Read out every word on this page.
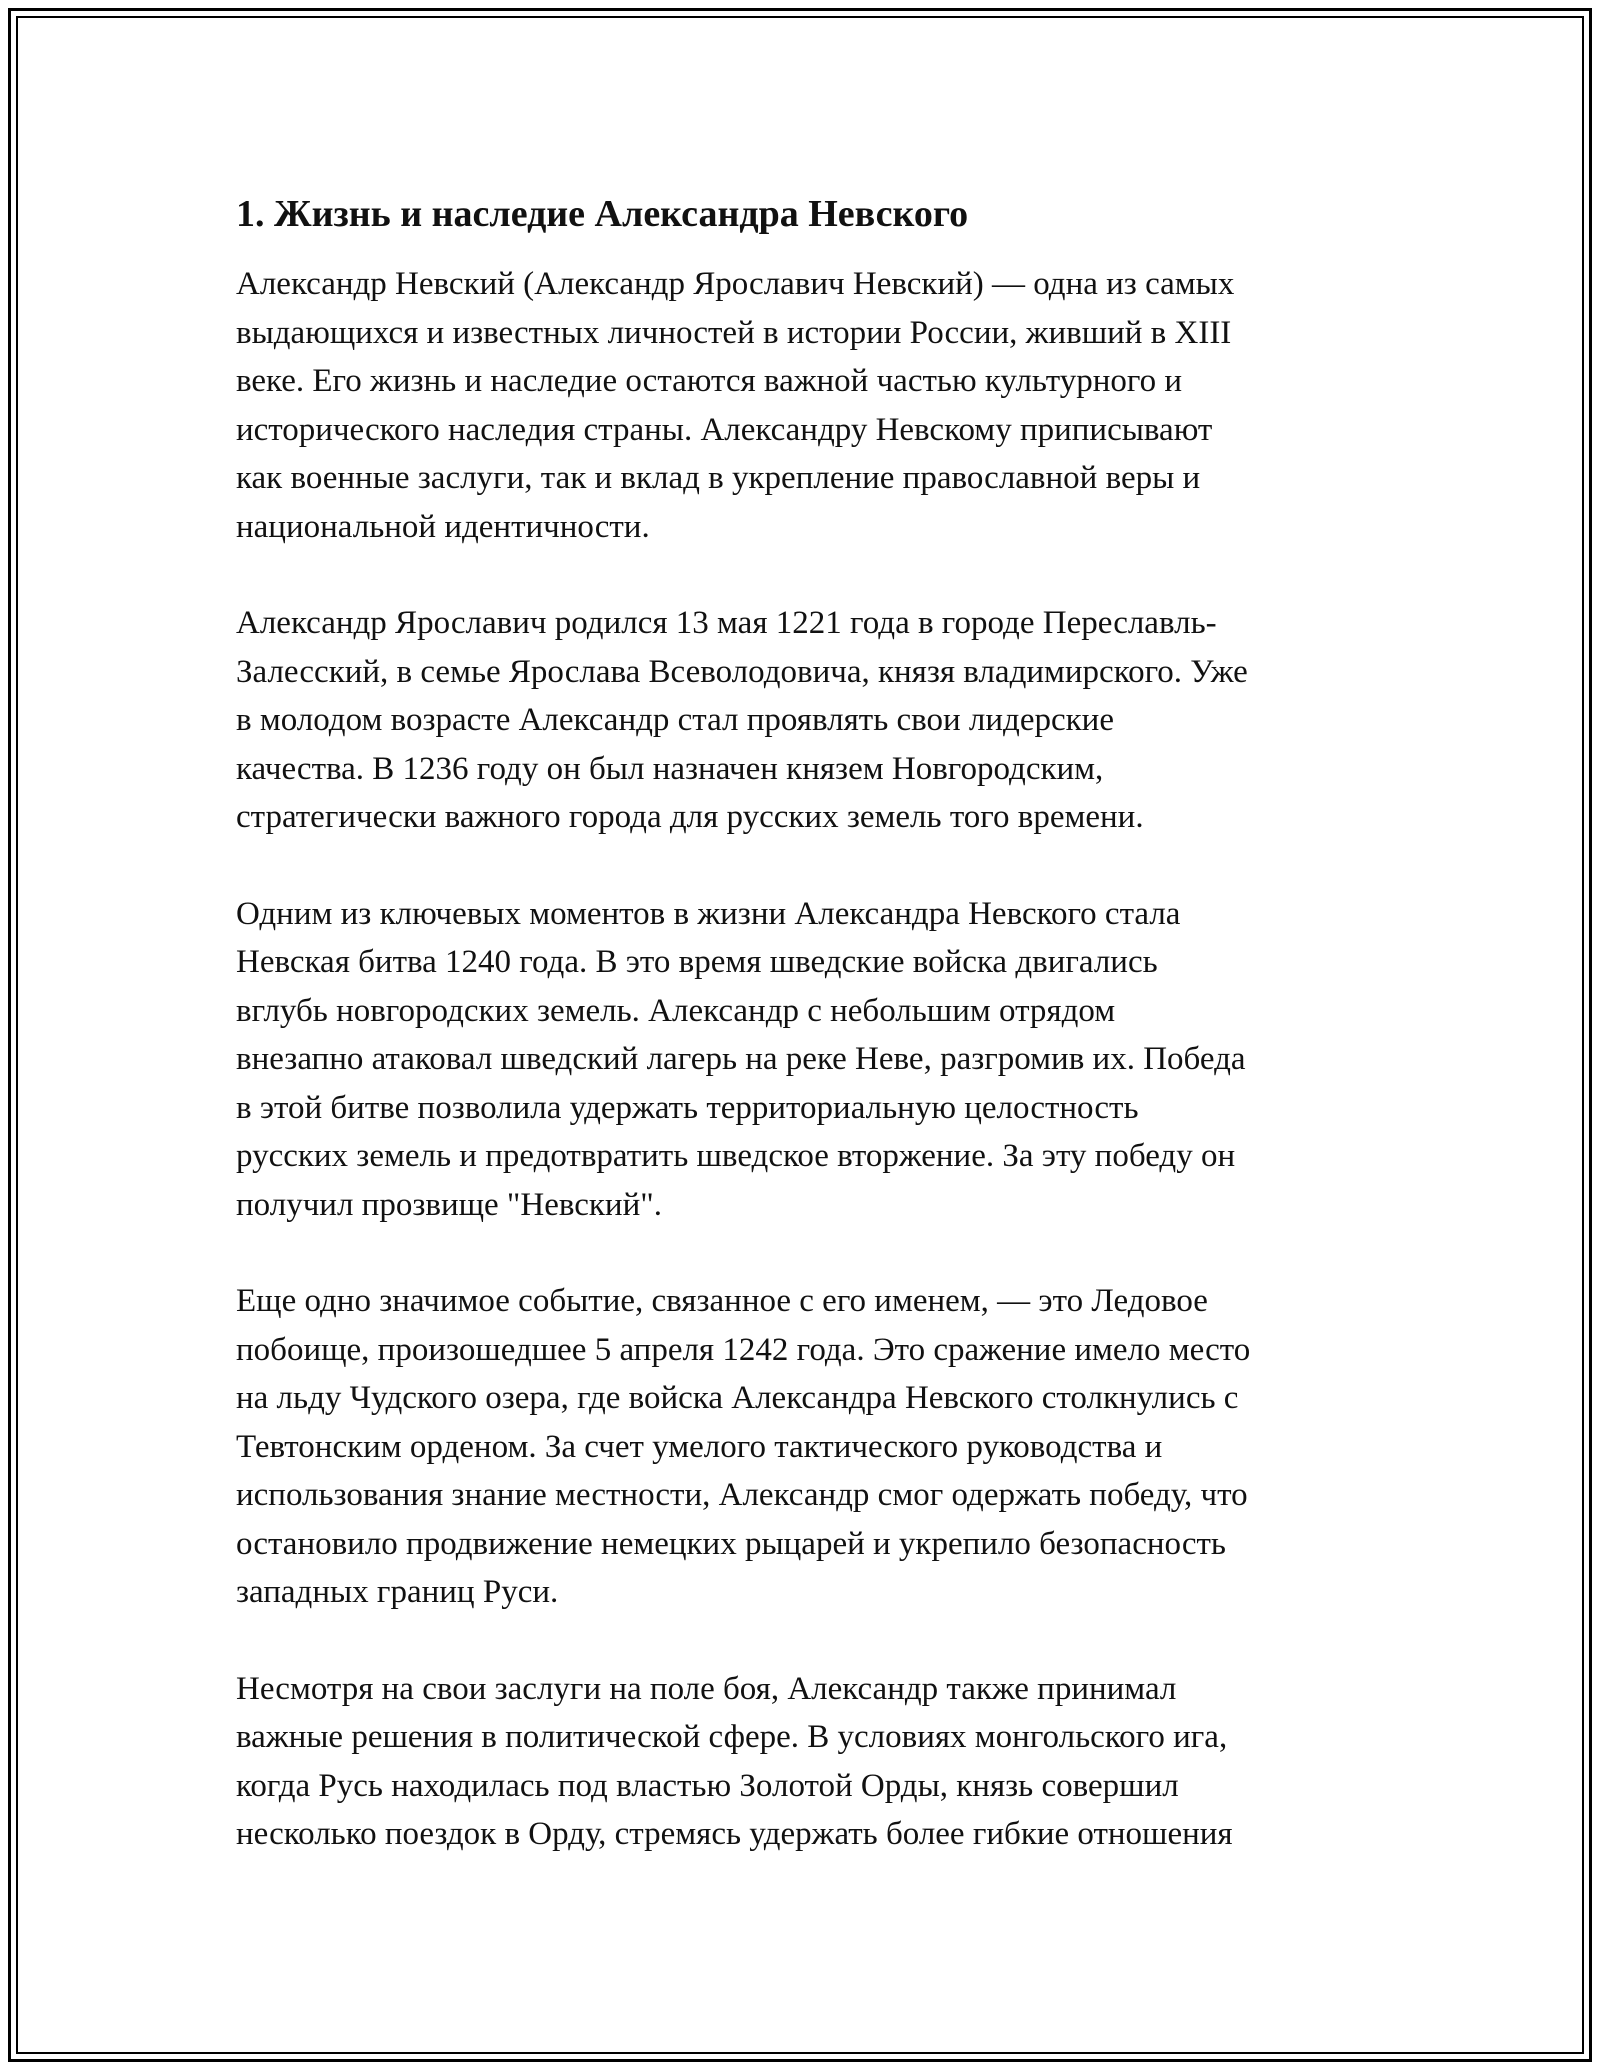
1. Жизнь и наследие Александра Невского

Александр Невский (Александр Ярославич Невский) — одна из самых
выдающихся и известных личностей в истории России, живший в XIII
веке. Его жизнь и наследие остаются важной частью культурного и
исторического наследия страны. Александру Невскому приписывают
как военные заслуги, так и вклад в укрепление православной веры и
национальной идентичности.

Александр Ярославич родился 13 мая 1221 года в городе Переславль-
Залесский, в семье Ярослава Всеволодовича, князя владимирского. Уже
в молодом возрасте Александр стал проявлять свои лидерские
качества. В 1236 году он был назначен князем Новгородским,
стратегически важного города для русских земель того времени.

Одним из ключевых моментов в жизни Александра Невского стала
Невская битва 1240 года. В это время шведские войска двигались
вглубь новгородских земель. Александр с небольшим отрядом
внезапно атаковал шведский лагерь на реке Неве, разгромив их. Победа
в этой битве позволила удержать территориальную целостность
русских земель и предотвратить шведское вторжение. За эту победу он
получил прозвище "Невский".

Еще одно значимое событие, связанное с его именем, — это Ледовое
побоище, произошедшее 5 апреля 1242 года. Это сражение имело место
на льду Чудского озера, где войска Александра Невского столкнулись с
Тевтонским орденом. За счет умелого тактического руководства и
использования знание местности, Александр смог одержать победу, что
остановило продвижение немецких рыцарей и укрепило безопасность
западных границ Руси.

Несмотря на свои заслуги на поле боя, Александр также принимал
важные решения в политической сфере. В условиях монгольского ига,
когда Русь находилась под властью Золотой Орды, князь совершил
несколько поездок в Орду, стремясь удержать более гибкие отношения
